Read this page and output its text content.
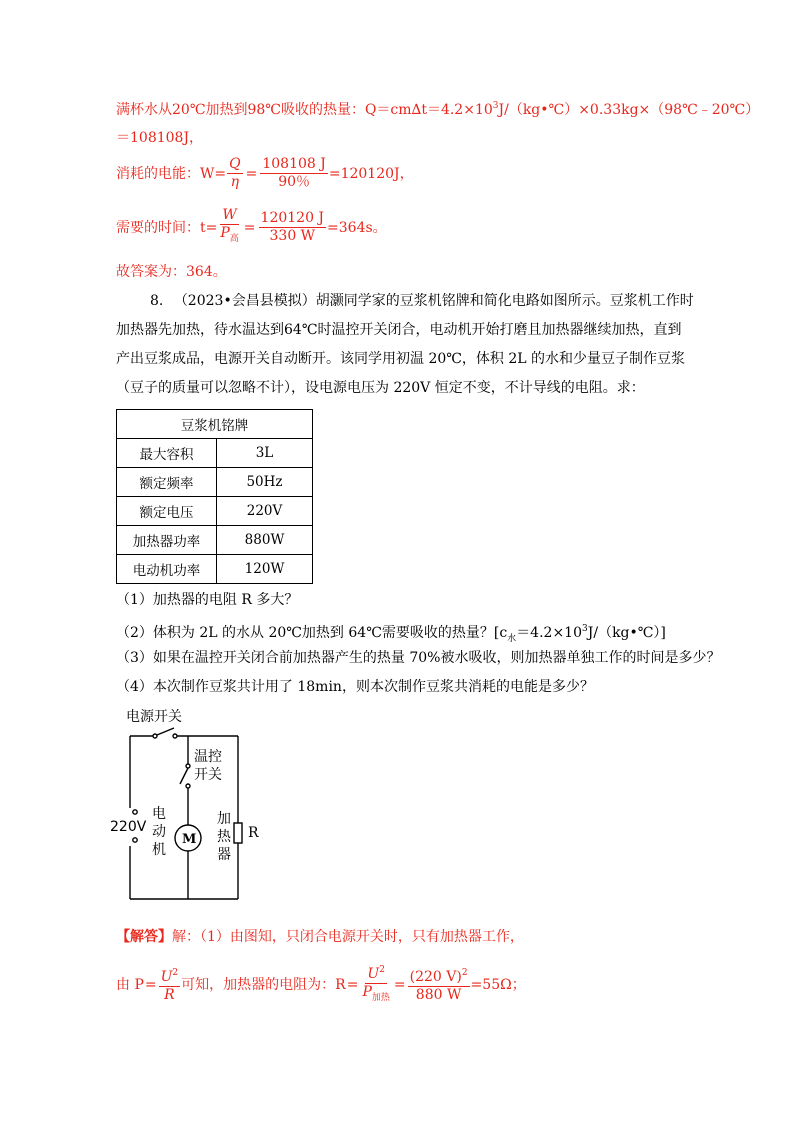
满杯水从20℃加热到98℃吸收的热量：$Q=cm\Delta t=4.2\times 10^3J/(kg•℃)\times 0.33kg\times(98℃﹣20℃)$
＝108108J，
消耗的电能：$W= \frac{Q}{\eta} = \frac{108108 J}{90\%} =120120J$，
需要的时间：$t= \frac{W}{P_高} = \frac{120120 J}{330 W} =364s$。
故答案为：364。
8. （2023•会昌县模拟）胡灏同学家的豆浆机铭牌和简化电路如图所示。豆浆机工作时
加热器先加热，待水温达到64℃时温控开关闭合，电动机开始打磨且加热器继续加热，直到
产出豆浆成品，电源开关自动断开。该同学用初温 20℃，体积 2L 的水和少量豆子制作豆浆
（豆子的质量可以忽略不计），设电源电压为 220V 恒定不变，不计导线的电阻。求：
豆浆机铭牌	
最大容积	3L
额定频率	50Hz
额定电压	220V
加热器功率	880W
电动机功率	120W
（1）加热器的电阻 R 多大？
（2）体积为 2L 的水从 20℃加热到 64℃需要吸收的热量？$[c_水=4.2\times 10^3J/(kg•℃)]$
（3）如果在温控开关闭合前加热器产生的热量 70%被水吸收，则加热器单独工作的时间是多少？
（4）本次制作豆浆共计用了 18min，则本次制作豆浆共消耗的电能是多少？
电源开关
温控
开关
220V
电
动
机
M
加
热
器
R
【解答】解：（1）由图知，只闭合电源开关时，只有加热器工作，
由 $P = \frac{U^2}{R}$ 可知，加热器的电阻为：$R = \frac{U^2}{P_{加热}} = \frac{(220 V)^2}{880 W} =55\Omega$；
